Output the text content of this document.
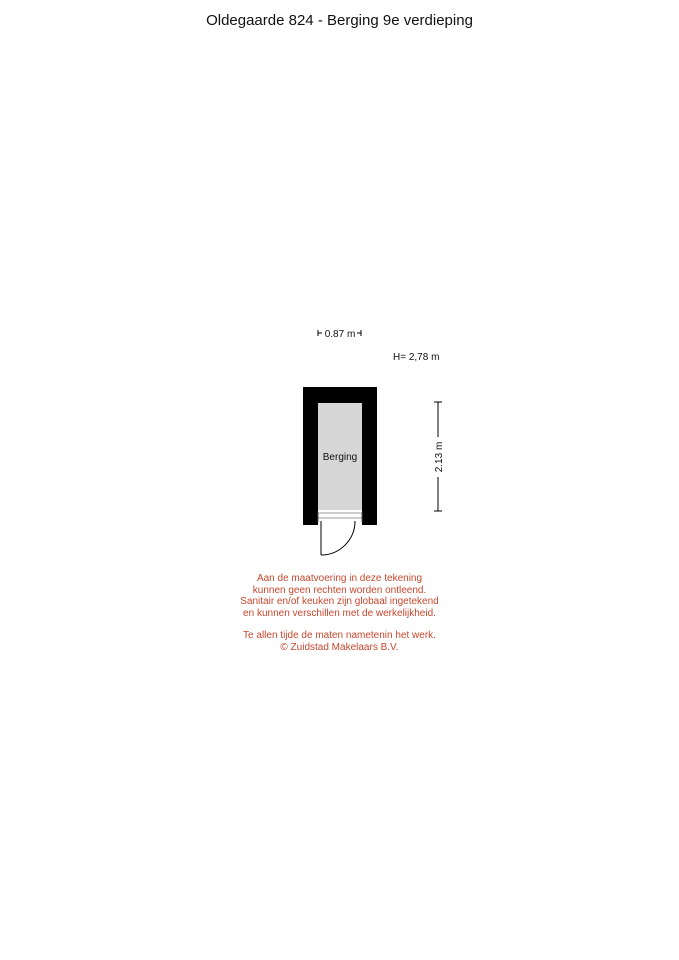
Oldegaarde 824 - Berging 9e verdieping
0.87 m
H= 2,78 m
Berging	2.13 m
Aan de maatvoering in deze tekening
kunnen geen rechten worden ontleend.
Sanitair en/of keuken zijn globaal ingetekend
en kunnen verschillen met de werkelijkheid.
Te allen tijde de maten nametenin het werk.
© Zuidstad Makelaars B.V.
